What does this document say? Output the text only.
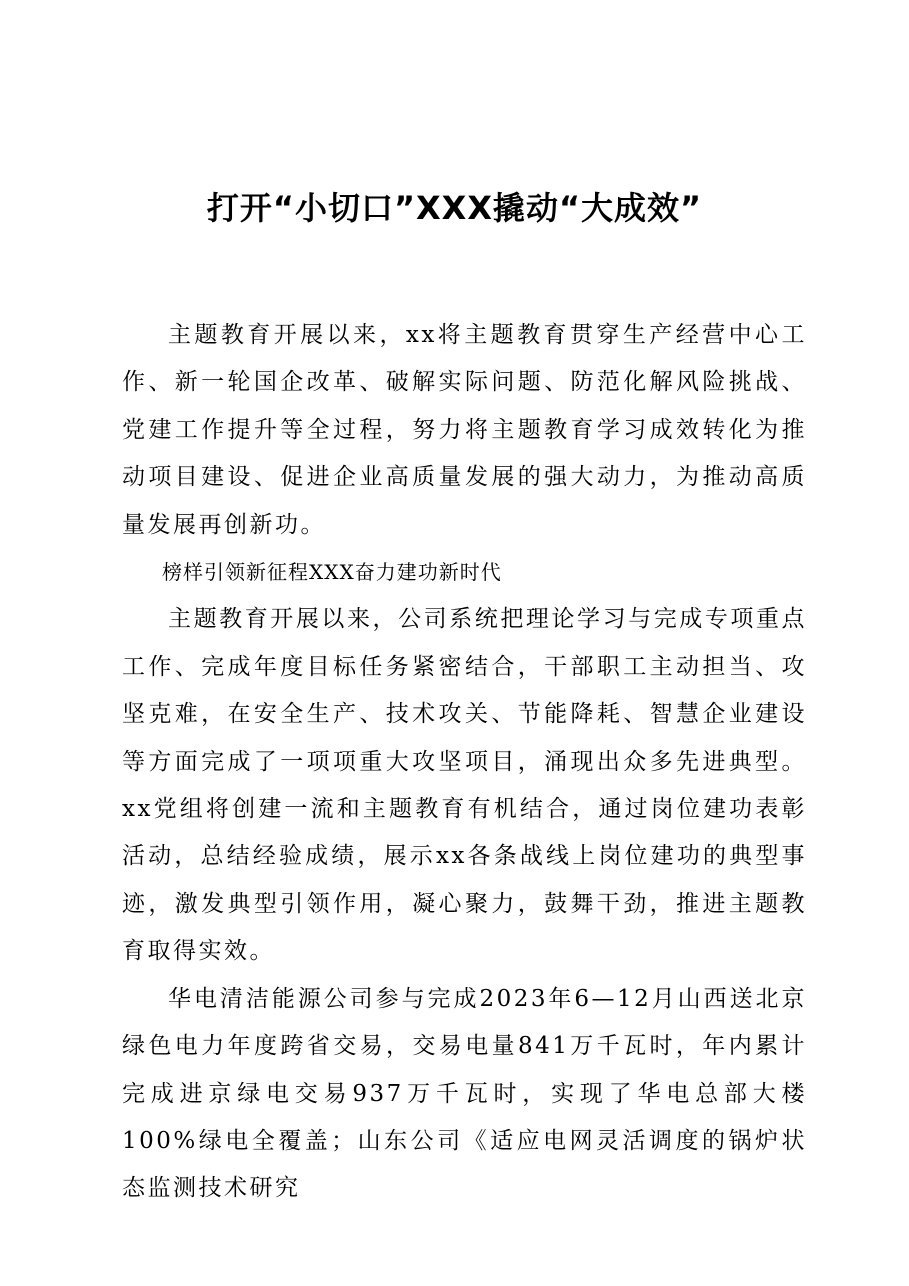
打开“小切口”XXX撬动“大成效”

主题教育开展以来，xx将主题教育贯穿生产经营中心工作、新一轮国企改革、破解实际问题、防范化解风险挑战、党建工作提升等全过程，努力将主题教育学习成效转化为推动项目建设、促进企业高质量发展的强大动力，为推动高质量发展再创新功。

榜样引领新征程XXX奋力建功新时代

主题教育开展以来，公司系统把理论学习与完成专项重点工作、完成年度目标任务紧密结合，干部职工主动担当、攻坚克难，在安全生产、技术攻关、节能降耗、智慧企业建设等方面完成了一项项重大攻坚项目，涌现出众多先进典型。xx党组将创建一流和主题教育有机结合，通过岗位建功表彰活动，总结经验成绩，展示xx各条战线上岗位建功的典型事迹，激发典型引领作用，凝心聚力，鼓舞干劲，推进主题教育取得实效。

华电清洁能源公司参与完成2023年6—12月山西送北京绿色电力年度跨省交易，交易电量841万千瓦时，年内累计完成进京绿电交易937万千瓦时，实现了华电总部大楼100%绿电全覆盖；山东公司《适应电网灵活调度的锅炉状态监测技术研究
